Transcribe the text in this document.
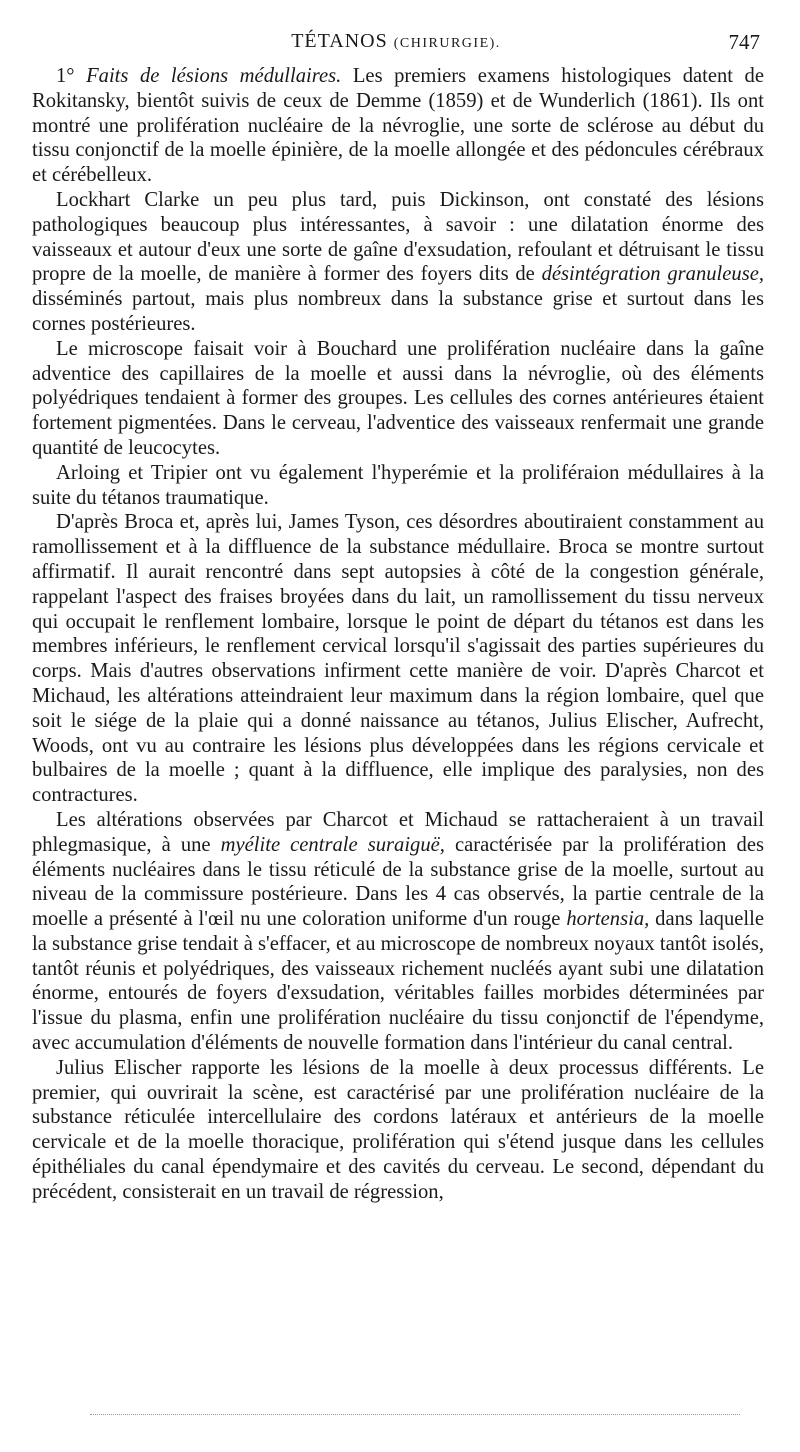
TÉTANOS (CHIRURGIE).	747

1° Faits de lésions médullaires. Les premiers examens histologiques datent de Rokitansky, bientôt suivis de ceux de Demme (1859) et de Wunderlich (1861). Ils ont montré une prolifération nucléaire de la névroglie, une sorte de sclérose au début du tissu conjonctif de la moelle épinière, de la moelle allongée et des pédoncules cérébraux et cérébelleux.

Lockhart Clarke un peu plus tard, puis Dickinson, ont constaté des lésions pathologiques beaucoup plus intéressantes, à savoir : une dilatation énorme des vaisseaux et autour d'eux une sorte de gaîne d'exsudation, refoulant et détruisant le tissu propre de la moelle, de manière à former des foyers dits de désintégration granuleuse, disséminés partout, mais plus nombreux dans la substance grise et surtout dans les cornes postérieures.

Le microscope faisait voir à Bouchard une prolifération nucléaire dans la gaîne adventice des capillaires de la moelle et aussi dans la névroglie, où des éléments polyédriques tendaient à former des groupes. Les cellules des cornes antérieures étaient fortement pigmentées. Dans le cerveau, l'adventice des vaisseaux renfermait une grande quantité de leucocytes.

Arloing et Tripier ont vu également l'hyperémie et la proliféraion médullaires à la suite du tétanos traumatique.

D'après Broca et, après lui, James Tyson, ces désordres aboutiraient constamment au ramollissement et à la diffluence de la substance médullaire. Broca se montre surtout affirmatif. Il aurait rencontré dans sept autopsies à côté de la congestion générale, rappelant l'aspect des fraises broyées dans du lait, un ramollissement du tissu nerveux qui occupait le renflement lombaire, lorsque le point de départ du tétanos est dans les membres inférieurs, le renflement cervical lorsqu'il s'agissait des parties supérieures du corps. Mais d'autres observations infirment cette manière de voir. D'après Charcot et Michaud, les altérations atteindraient leur maximum dans la région lombaire, quel que soit le siége de la plaie qui a donné naissance au tétanos, Julius Elischer, Aufrecht, Woods, ont vu au contraire les lésions plus développées dans les régions cervicale et bulbaires de la moelle ; quant à la diffluence, elle implique des paralysies, non des contractures.

Les altérations observées par Charcot et Michaud se rattacheraient à un travail phlegmasique, à une myélite centrale suraiguë, caractérisée par la prolifération des éléments nucléaires dans le tissu réticulé de la substance grise de la moelle, surtout au niveau de la commissure postérieure. Dans les 4 cas observés, la partie centrale de la moelle a présenté à l'œil nu une coloration uniforme d'un rouge hortensia, dans laquelle la substance grise tendait à s'effacer, et au microscope de nombreux noyaux tantôt isolés, tantôt réunis et polyédriques, des vaisseaux richement nucléés ayant subi une dilatation énorme, entourés de foyers d'exsudation, véritables failles morbides déterminées par l'issue du plasma, enfin une prolifération nucléaire du tissu conjonctif de l'épendyme, avec accumulation d'éléments de nouvelle formation dans l'intérieur du canal central.

Julius Elischer rapporte les lésions de la moelle à deux processus différents. Le premier, qui ouvrirait la scène, est caractérisé par une prolifération nucléaire de la substance réticulée intercellulaire des cordons latéraux et antérieurs de la moelle cervicale et de la moelle thoracique, prolifération qui s'étend jusque dans les cellules épithéliales du canal épendymaire et des cavités du cerveau. Le second, dépendant du précédent, consisterait en un travail de régression,
